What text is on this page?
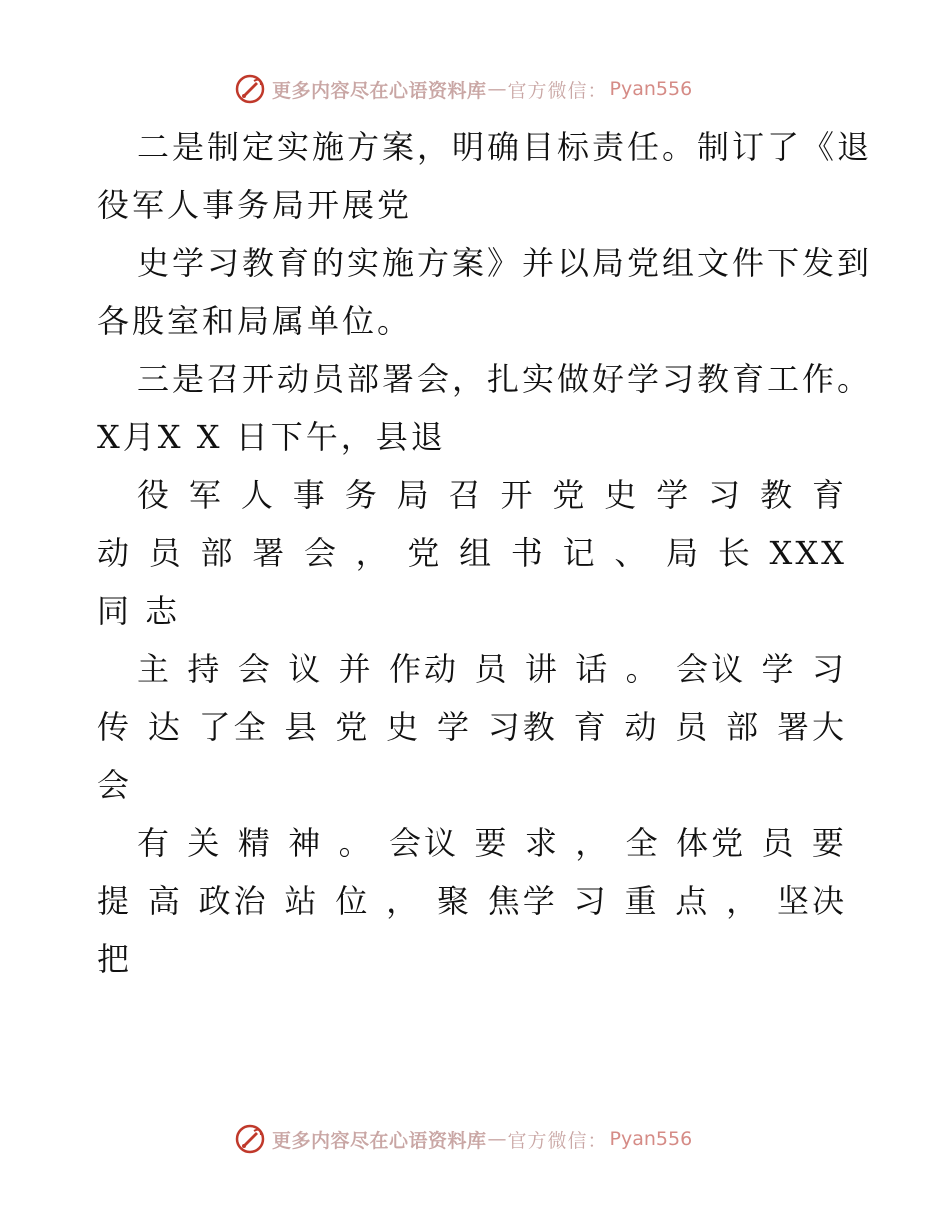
更多内容尽在心语资料库 — 官方微信： Pyan556
二是制定实施方案，明确目标责任。制订了《退
役军人事务局开展党
史学习教育的实施方案》并以局党组文件下发到
各股室和局属单位。
三是召开动员部署会，扎实做好学习教育工作。
X月X X 日下午，县退
役 军 人 事 务 局 召 开 党 史 学 习 教 育
动 员 部 署 会 ， 党 组 书 记 、 局 长 XXX
同 志
主 持 会 议 并 作动 员 讲 话 。 会议 学 习
传 达 了全 县 党 史 学 习教 育 动 员 部 署大
会
有 关 精 神 。 会议 要 求 ， 全 体党 员 要
提 高 政治 站 位 ， 聚 焦学 习 重 点 ， 坚决
把
更多内容尽在心语资料库 — 官方微信： Pyan556
